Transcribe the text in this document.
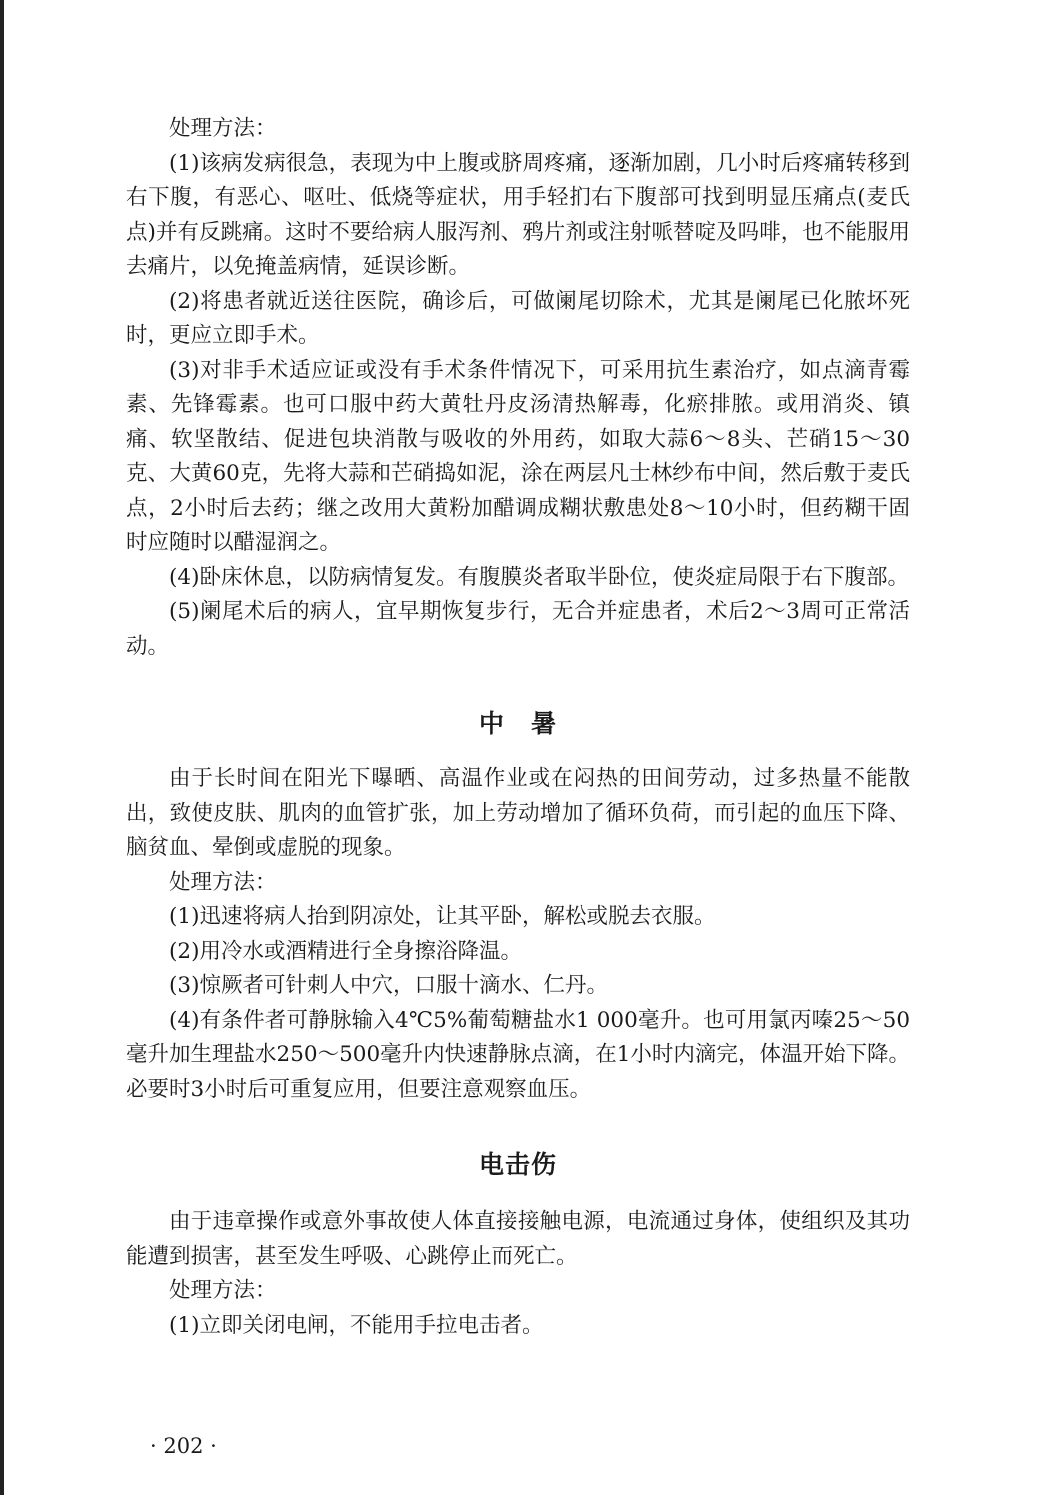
处理方法：

(1)该病发病很急，表现为中上腹或脐周疼痛，逐渐加剧，几小时后疼痛转移到右下腹，有恶心、呕吐、低烧等症状，用手轻扪右下腹部可找到明显压痛点(麦氏点)并有反跳痛。这时不要给病人服泻剂、鸦片剂或注射哌替啶及吗啡，也不能服用去痛片，以免掩盖病情，延误诊断。

(2)将患者就近送往医院，确诊后，可做阑尾切除术，尤其是阑尾已化脓坏死时，更应立即手术。

(3)对非手术适应证或没有手术条件情况下，可采用抗生素治疗，如点滴青霉素、先锋霉素。也可口服中药大黄牡丹皮汤清热解毒，化瘀排脓。或用消炎、镇痛、软坚散结、促进包块消散与吸收的外用药，如取大蒜6～8头、芒硝15～30克、大黄60克，先将大蒜和芒硝捣如泥，涂在两层凡士林纱布中间，然后敷于麦氏点，2小时后去药；继之改用大黄粉加醋调成糊状敷患处8～10小时，但药糊干固时应随时以醋湿润之。

(4)卧床休息，以防病情复发。有腹膜炎者取半卧位，使炎症局限于右下腹部。

(5)阑尾术后的病人，宜早期恢复步行，无合并症患者，术后2～3周可正常活动。

中 暑

由于长时间在阳光下曝晒、高温作业或在闷热的田间劳动，过多热量不能散出，致使皮肤、肌肉的血管扩张，加上劳动增加了循环负荷，而引起的血压下降、脑贫血、晕倒或虚脱的现象。

处理方法：

(1)迅速将病人抬到阴凉处，让其平卧，解松或脱去衣服。

(2)用冷水或酒精进行全身擦浴降温。

(3)惊厥者可针刺人中穴，口服十滴水、仁丹。

(4)有条件者可静脉输入4℃5%葡萄糖盐水1 000毫升。也可用氯丙嗪25～50毫升加生理盐水250～500毫升内快速静脉点滴，在1小时内滴完，体温开始下降。必要时3小时后可重复应用，但要注意观察血压。

电击伤

由于违章操作或意外事故使人体直接接触电源，电流通过身体，使组织及其功能遭到损害，甚至发生呼吸、心跳停止而死亡。

处理方法：

(1)立即关闭电闸，不能用手拉电击者。

· 202 ·
